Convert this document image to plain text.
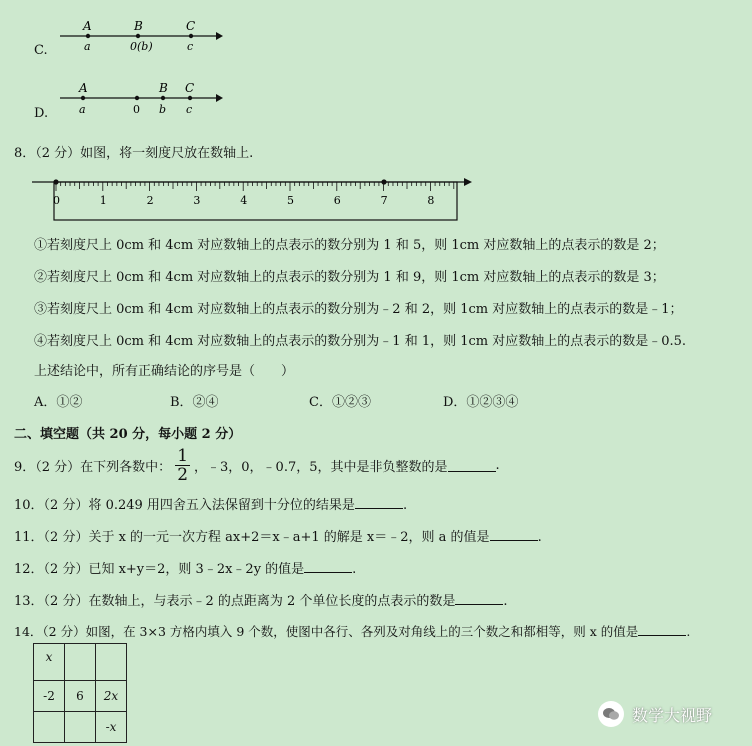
C.
A	B	C
a	0(b)	c
D.
A	B C
a	0 b c
8．（2 分）如图，将一刻度尺放在数轴上.
0	1	2	3	4	5	6	7	8
①若刻度尺上 0cm 和 4cm 对应数轴上的点表示的数分别为 1 和 5，则 1cm 对应数轴上的点表示的数是 2；
②若刻度尺上 0cm 和 4cm 对应数轴上的点表示的数分别为 1 和 9，则 1cm 对应数轴上的点表示的数是 3；
③若刻度尺上 0cm 和 4cm 对应数轴上的点表示的数分别为﹣2 和 2，则 1cm 对应数轴上的点表示的数是﹣1；
④若刻度尺上 0cm 和 4cm 对应数轴上的点表示的数分别为﹣1 和 1，则 1cm 对应数轴上的点表示的数是﹣0.5.
上述结论中，所有正确结论的序号是（　　）
A．①②	B．②④	C．①②③	D．①②③④
二、填空题（共 20 分，每小题 2 分）
9．（2 分）在下列各数中： $\frac{1}{2}$ ，﹣3，0，﹣0.7，5，其中是非负整数的是	.
10．（2 分）将 0.249 用四舍五入法保留到十分位的结果是	.
11．（2 分）关于 x 的一元一次方程 ax+2＝x﹣a+1 的解是 x＝﹣2，则 a 的值是	.
12．（2 分）已知 x+y＝2，则 3﹣2x﹣2y 的值是	.
13．（2 分）在数轴上，与表示﹣2 的点距离为 2 个单位长度的点表示的数是	.
14．（2 分）如图，在 3×3 方格内填入 9 个数，使图中各行、各列及对角线上的三个数之和都相等，则 x 的值是	.
x		
-2	6	2x
		-x
数学大视野
